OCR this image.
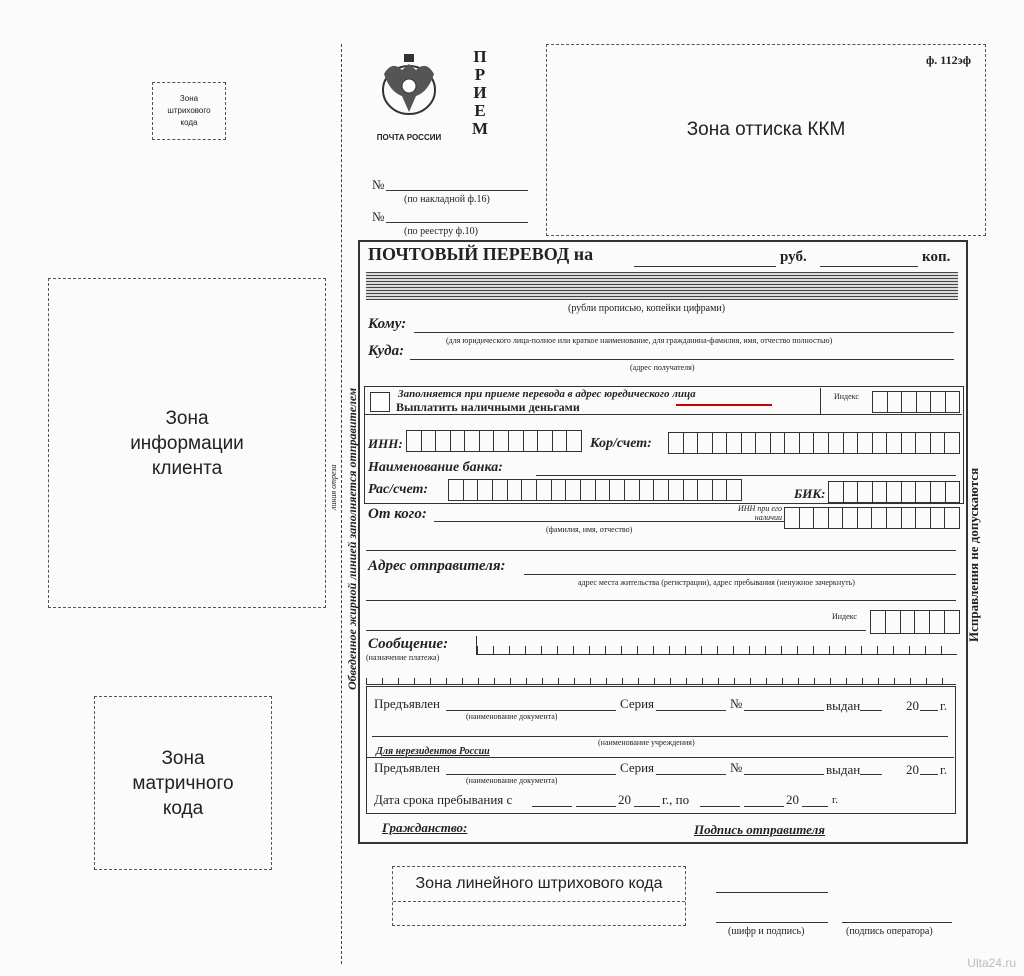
Зона штрихового кода
Зона информации клиента
Зона матричного кода
Обведенное жирной линией заполняется отправителем
линия отреза
ПОЧТА РОССИИ
П Р И Е М
ф. 112эф
Зона оттиска ККМ
№
(по накладной ф.16)
№
(по реестру ф.10)
ПОЧТОВЫЙ ПЕРЕВОД на	руб.	коп.
(рубли прописью, копейки цифрами)
Кому:
(для юридического лица-полное или краткое наименование, для гражданина-фамилия, имя, отчество полностью)
Куда:
(адрес получателя)
Заполняется при приеме перевода в адрес юредического лица
Выплатить наличными деньгами
Индекс
ИНН:	Кор/счет:
Наименование банка:
Рас/счет:	БИК:
От кого:	ИНН при его наличии
(фамилия, имя, отчество)
Адрес отправителя:
адрес места жительства (регистрации), адрес пребывания (ненужное зачеркнуть)
Индекс
Сообщение:
(назначение платежа)
Предъявлен
(наименование документа)
Серия	№	выдан	20 г.
(наименование учреждения)
Для нерезидентов России
Предъявлен
(наименование документа)
Серия	№	выдан	20 г.
Дата срока пребывания с	20 г., по	20	г.
Гражданство:	Подпись отправителя
Исправления не допускаются
Зона линейного штрихового кода
(шифр и подпись)	(подпись оператора)
Ulta24.ru
